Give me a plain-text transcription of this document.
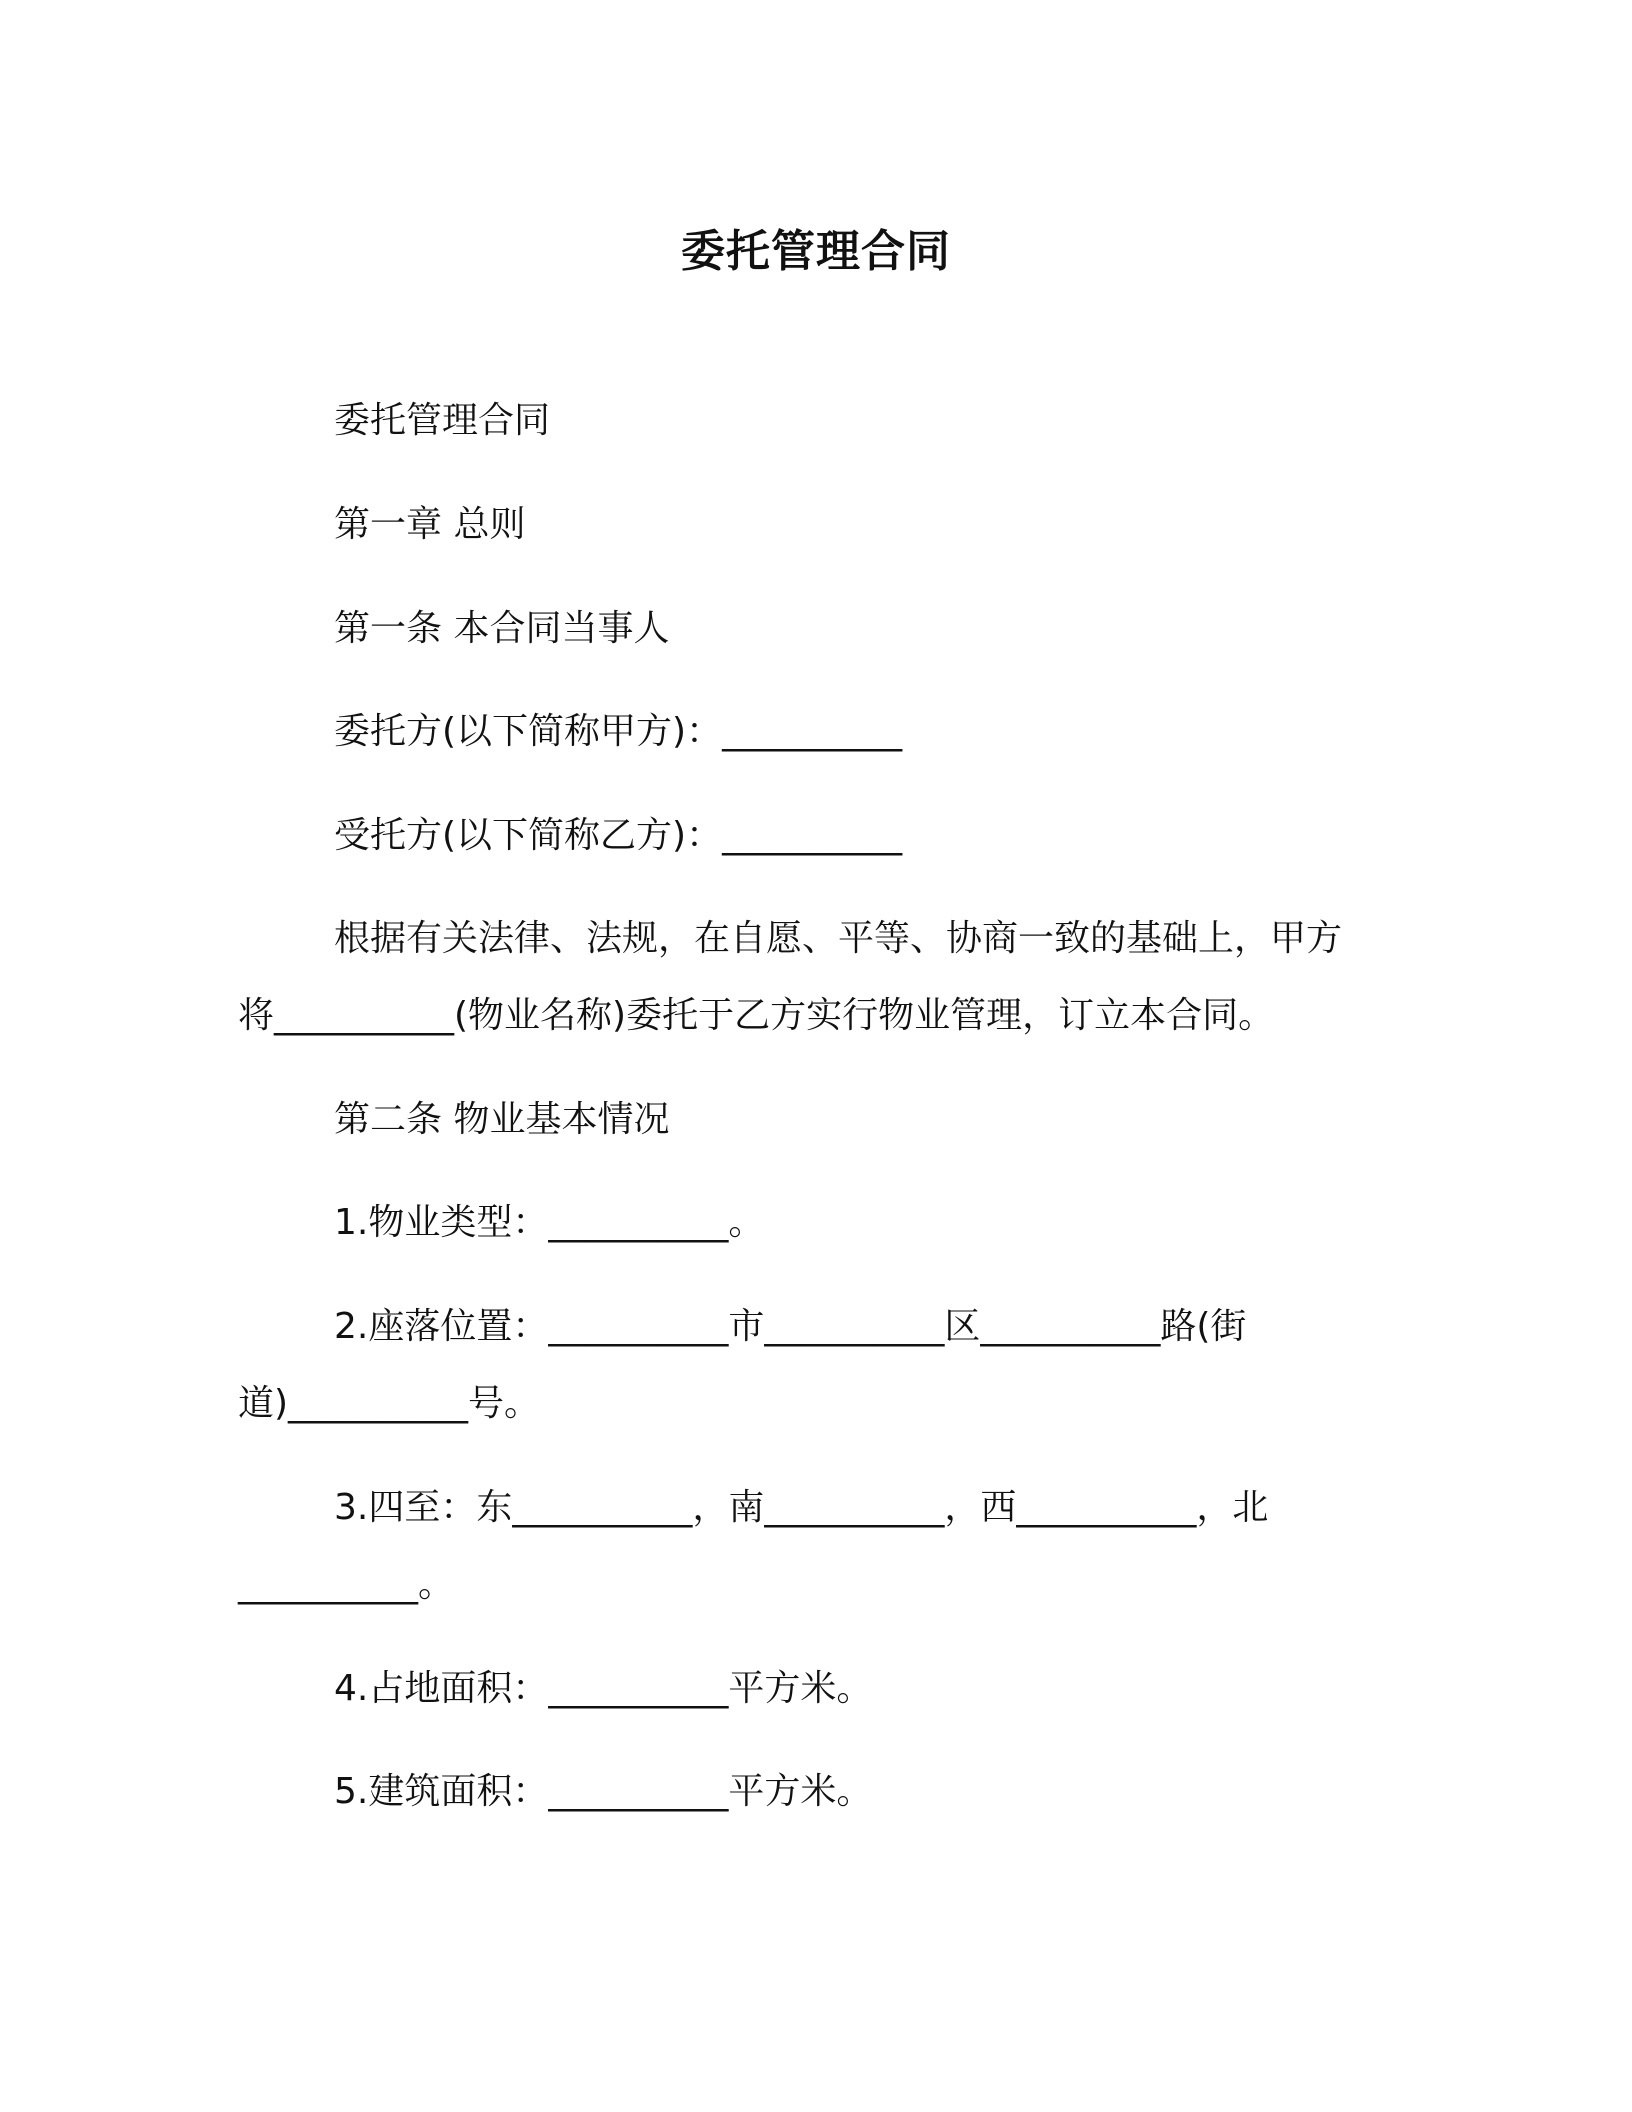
委托管理合同
委托管理合同
第一章 总则
第一条 本合同当事人
委托方(以下简称甲方)：__________
受托方(以下简称乙方)：__________
根据有关法律、法规，在自愿、平等、协商一致的基础上，甲方
将__________(物业名称)委托于乙方实行物业管理，订立本合同。
第二条 物业基本情况
1.物业类型：__________。
2.座落位置：__________市__________区__________路(街
道)__________号。
3.四至：东__________，南__________，西__________，北
__________。
4.占地面积：__________平方米。
5.建筑面积：__________平方米。
